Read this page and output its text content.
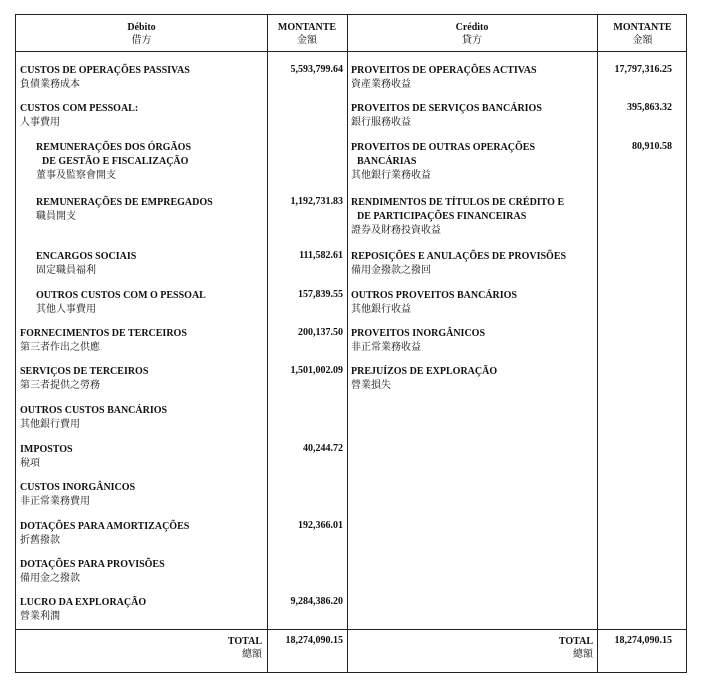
Débito
借方
MONTANTE
金額
Crédito
貸方
MONTANTE
金額
CUSTOS DE OPERAÇÕES PASSIVAS
負債業務成本
5,593,799.64
CUSTOS COM PESSOAL:
人事費用
REMUNERAÇÕES DOS ÓRGÃOS
DE GESTÃO E FISCALIZAÇÃO
董事及監察會開支
REMUNERAÇÕES DE EMPREGADOS
職員開支
1,192,731.83
ENCARGOS SOCIAIS
固定職員福利
111,582.61
OUTROS CUSTOS COM O PESSOAL
其他人事費用
157,839.55
FORNECIMENTOS DE TERCEIROS
第三者作出之供應
200,137.50
SERVIÇOS DE TERCEIROS
第三者提供之勞務
1,501,002.09
OUTROS CUSTOS BANCÁRIOS
其他銀行費用
IMPOSTOS
稅項
40,244.72
CUSTOS INORGÂNICOS
非正常業務費用
DOTAÇÕES PARA AMORTIZAÇÕES
折舊撥款
192,366.01
DOTAÇÕES PARA PROVISÕES
備用金之撥款
LUCRO DA EXPLORAÇÃO
營業利潤
9,284,386.20
PROVEITOS DE OPERAÇÕES ACTIVAS
資產業務收益
17,797,316.25
PROVEITOS DE SERVIÇOS BANCÁRIOS
銀行服務收益
395,863.32
PROVEITOS DE OUTRAS OPERAÇÕES
BANCÁRIAS
其他銀行業務收益
80,910.58
RENDIMENTOS DE TÍTULOS DE CRÉDITO E
DE PARTICIPAÇÕES FINANCEIRAS
證券及財務投資收益
REPOSIÇÕES E ANULAÇÕES DE PROVISÕES
備用金撥款之撥回
OUTROS PROVEITOS BANCÁRIOS
其他銀行收益
PROVEITOS INORGÂNICOS
非正常業務收益
PREJUÍZOS DE EXPLORAÇÃO
營業損失
TOTAL
總額
18,274,090.15	TOTAL
總額
18,274,090.15
